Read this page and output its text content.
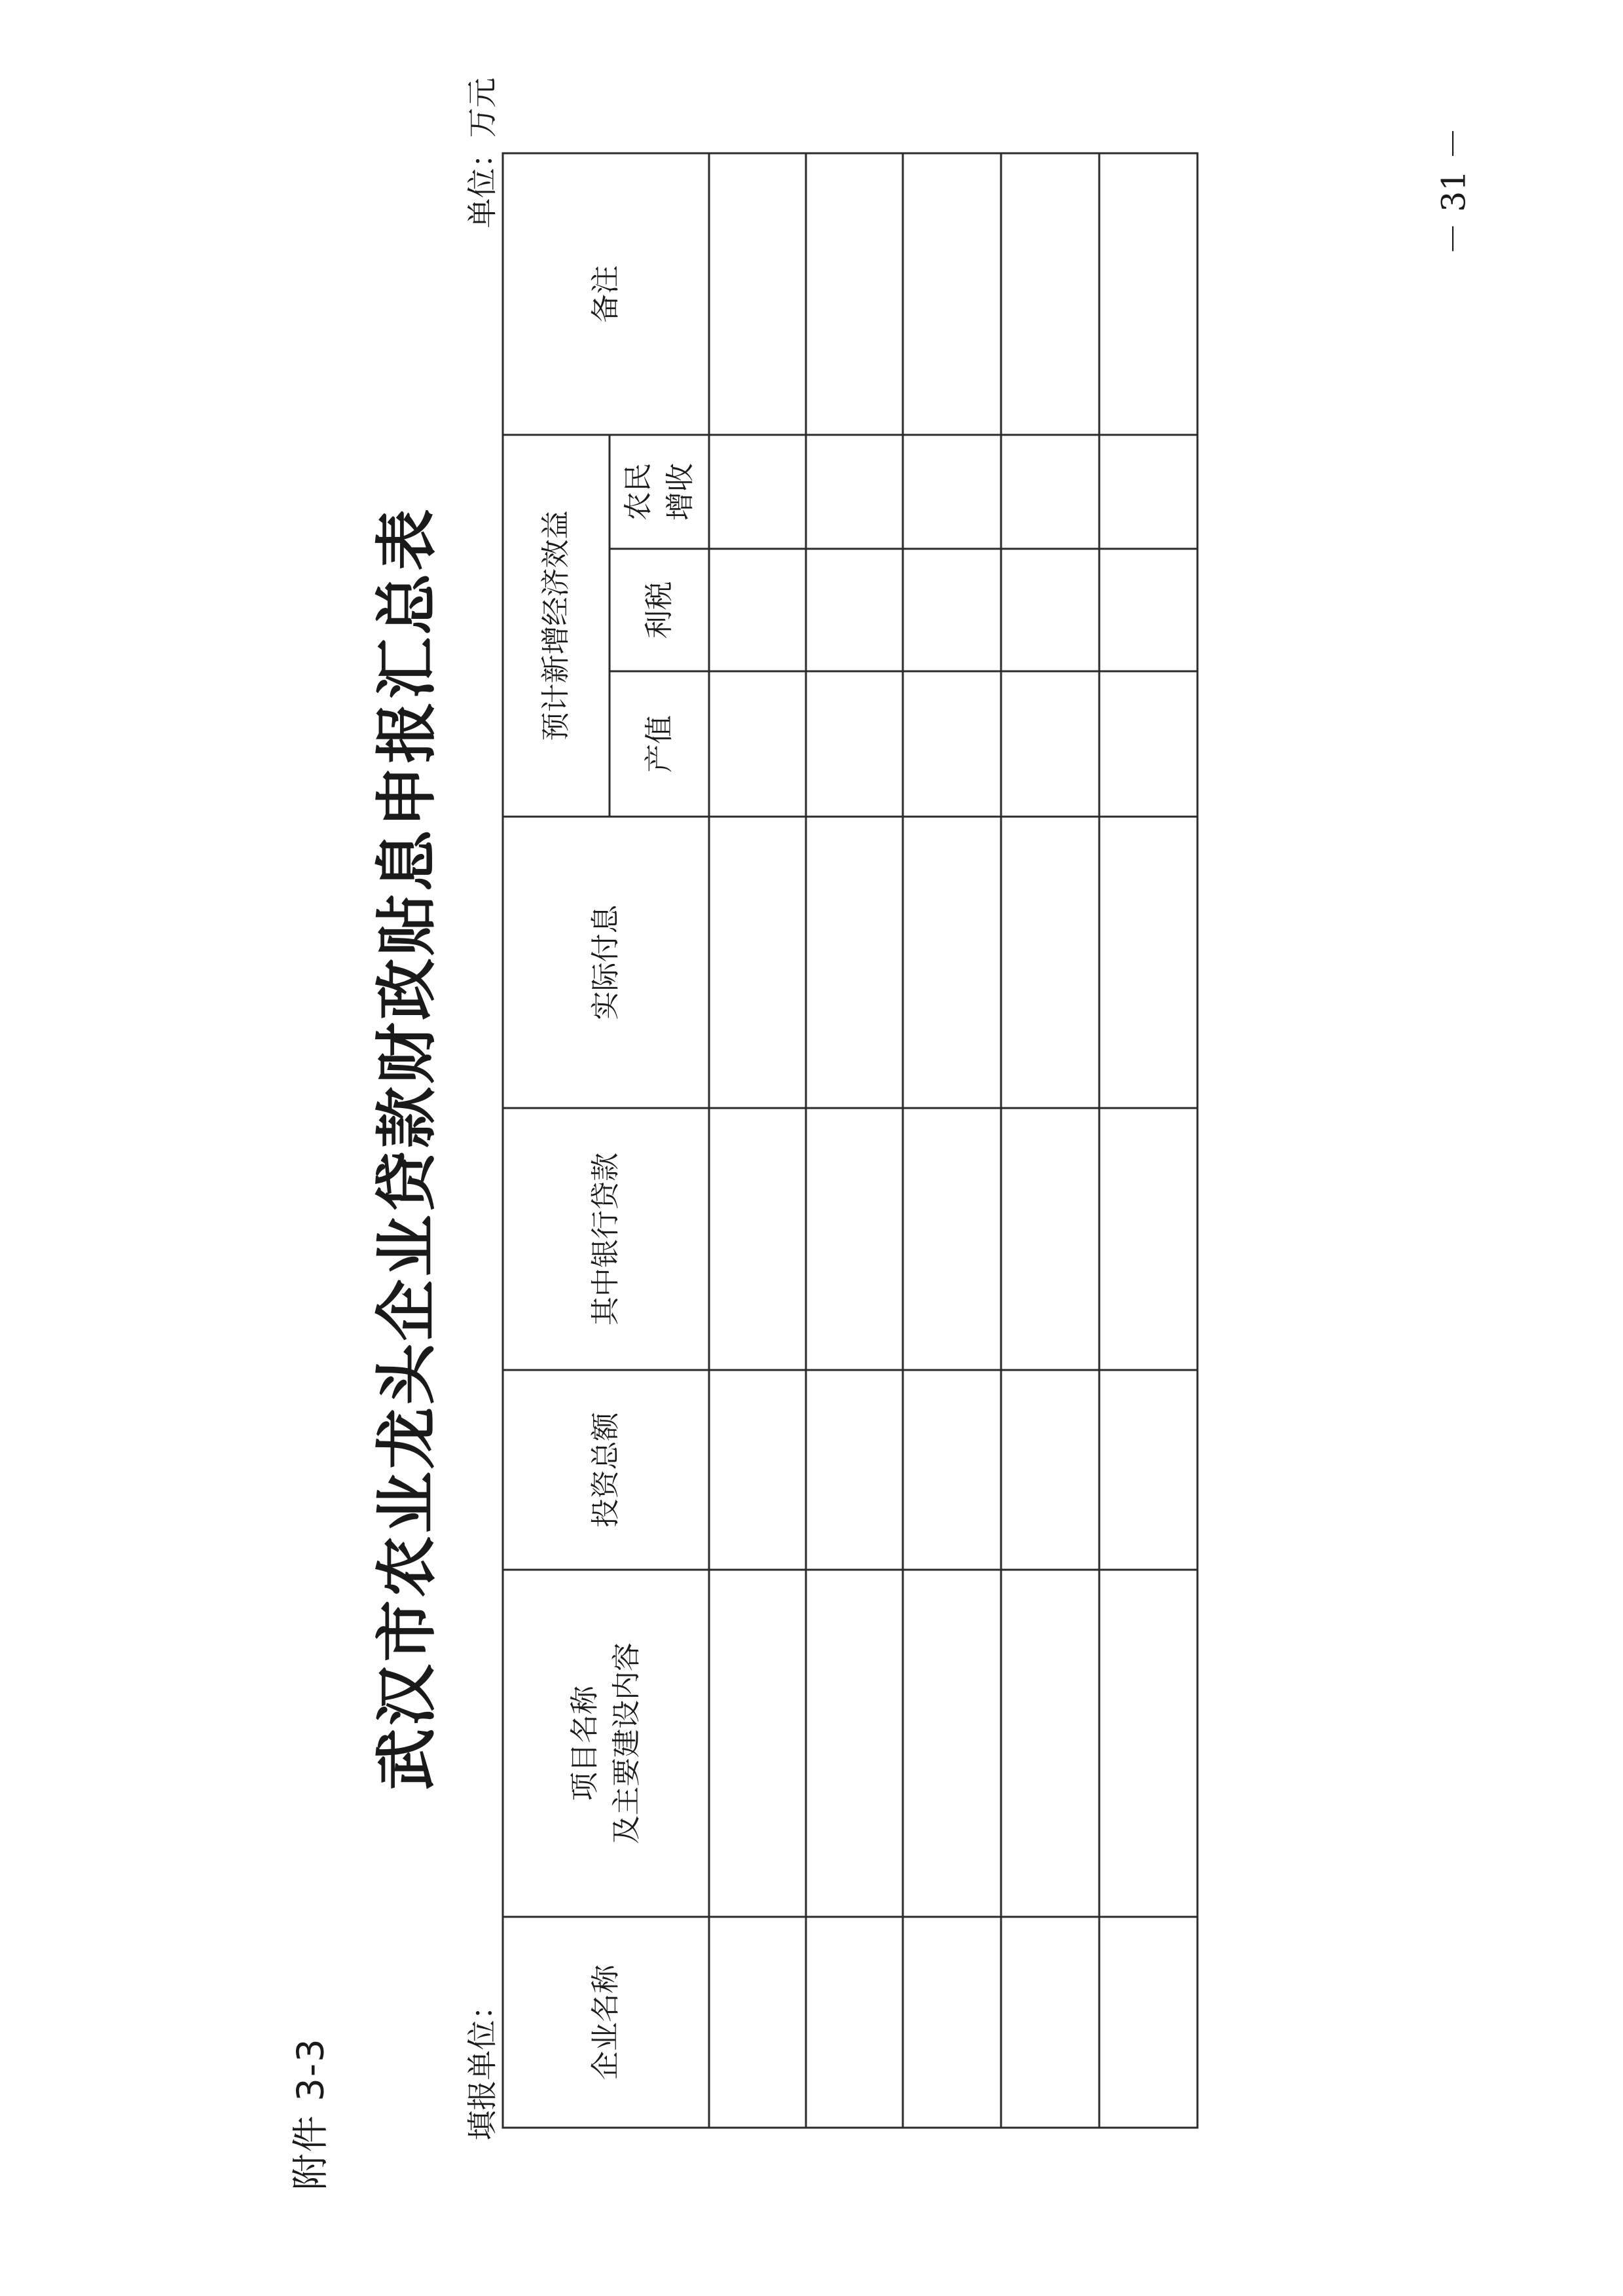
附件 3-3
武汉市农业龙头企业贷款财政贴息申报汇总表
填报单位：
单位：万元
企业名称	项目名称 及主要建设内容	投资总额	其中银行贷款	实际付息	预计新增经济效益			备注
					产值	利税	农民 增收	

－ 31 －
